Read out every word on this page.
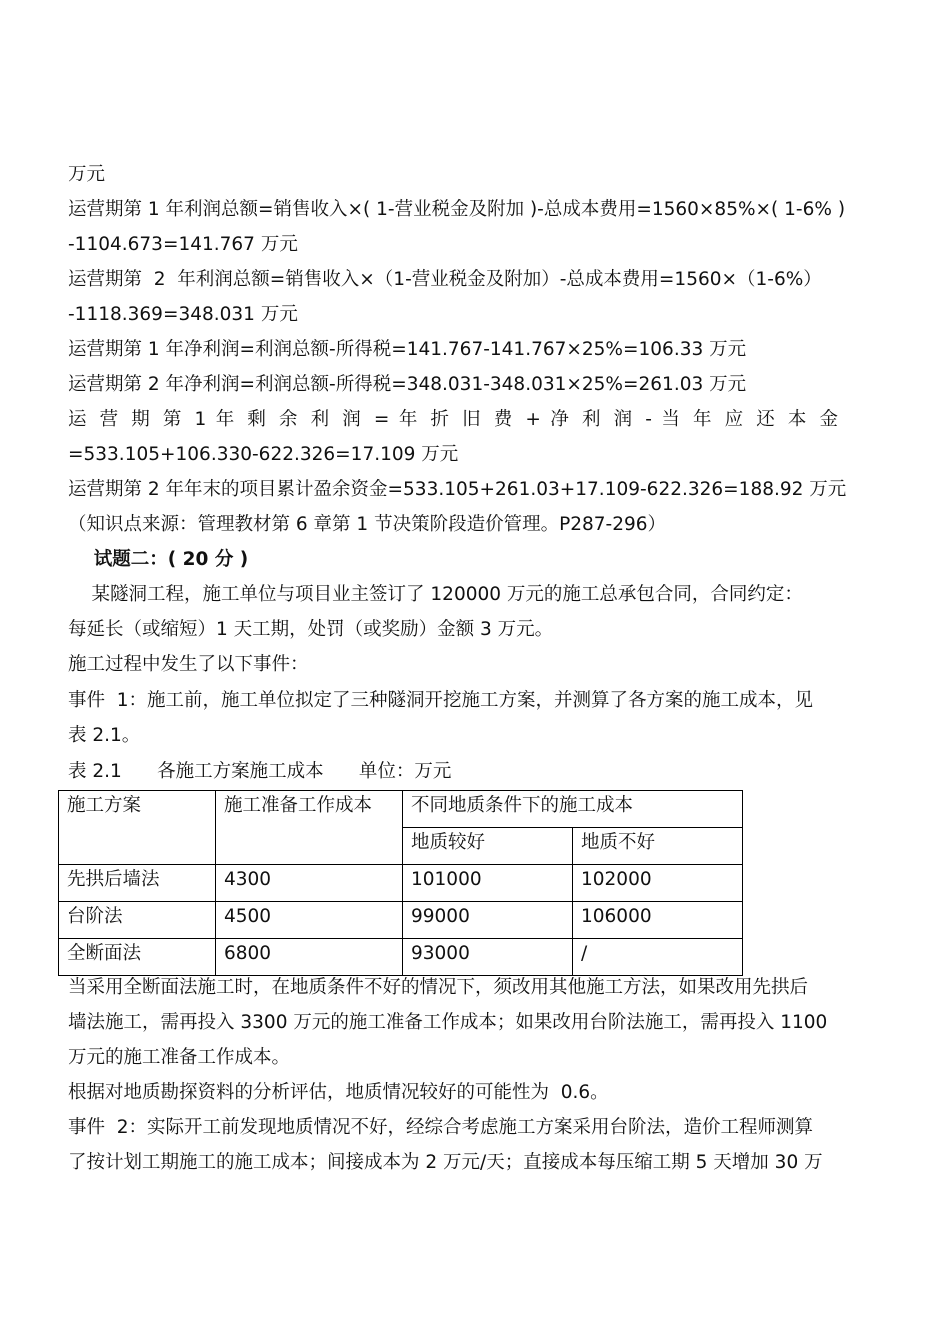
万元
运营期第 1 年利润总额=销售收入×( 1-营业税金及附加 )-总成本费用=1560×85%×( 1-6% )
-1104.673=141.767 万元
运营期第  2  年利润总额=销售收入×（1-营业税金及附加）-总成本费用=1560×（1-6%）
-1118.369=348.031 万元
运营期第 1 年净利润=利润总额-所得税=141.767-141.767×25%=106.33 万元
运营期第 2 年净利润=利润总额-所得税=348.031-348.031×25%=261.03 万元
运 营 期 第 1 年 剩 余 利 润 = 年 折 旧 费 + 净 利 润 - 当 年 应 还 本 金
=533.105+106.330-622.326=17.109 万元
运营期第 2 年年末的项目累计盈余资金=533.105+261.03+17.109-622.326=188.92 万元
（知识点来源：管理教材第 6 章第 1 节决策阶段造价管理。P287-296）
试题二：( 20 分 )
某隧洞工程，施工单位与项目业主签订了 120000 万元的施工总承包合同，合同约定：
每延长（或缩短）1 天工期，处罚（或奖励）金额 3 万元。
施工过程中发生了以下事件：
事件  1：施工前，施工单位拟定了三种隧洞开挖施工方案，并测算了各方案的施工成本，见
表 2.1。
表 2.1      各施工方案施工成本      单位：万元
施工方案	施工准备工作成本	不同地质条件下的施工成本	
		地质较好	地质不好
先拱后墙法	4300	101000	102000
台阶法	4500	99000	106000
全断面法	6800	93000	/
当采用全断面法施工时，在地质条件不好的情况下，须改用其他施工方法，如果改用先拱后
墙法施工，需再投入 3300 万元的施工准备工作成本；如果改用台阶法施工，需再投入 1100
万元的施工准备工作成本。
根据对地质勘探资料的分析评估，地质情况较好的可能性为  0.6。
事件  2：实际开工前发现地质情况不好，经综合考虑施工方案采用台阶法，造价工程师测算
了按计划工期施工的施工成本；间接成本为 2 万元/天；直接成本每压缩工期 5 天增加 30 万
